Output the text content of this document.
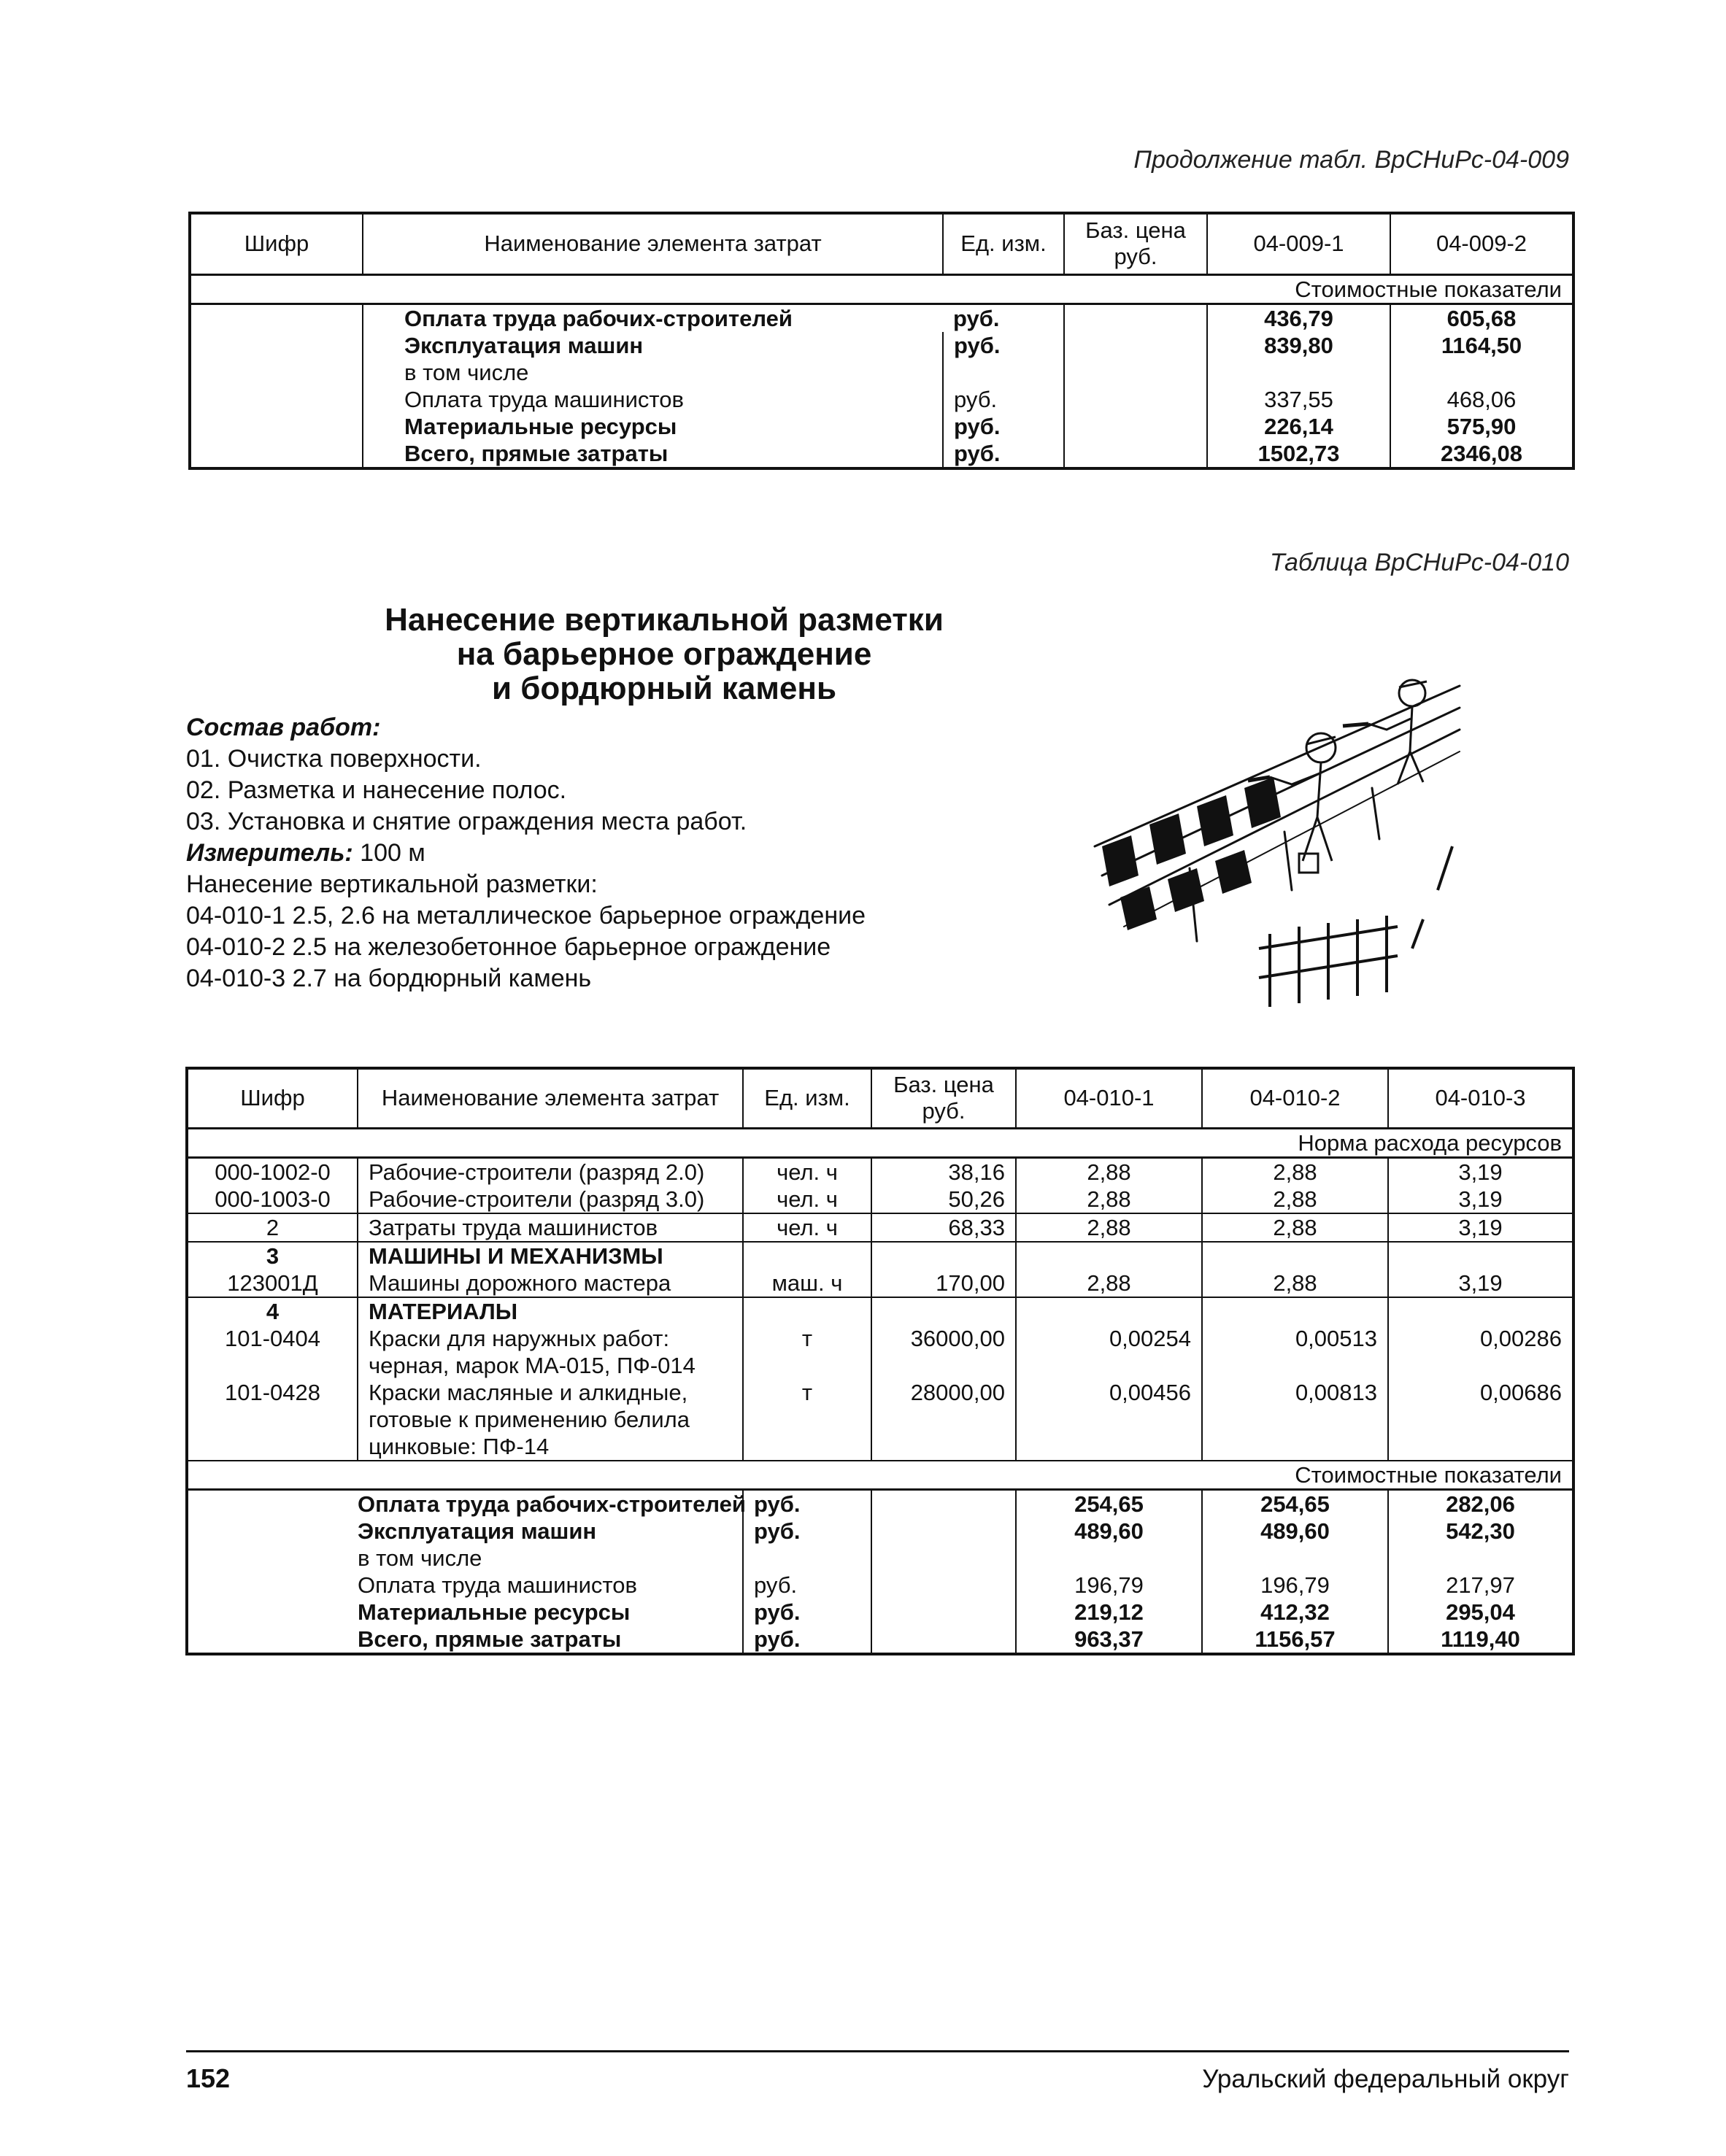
Продолжение табл. ВрСНиРс-04-009
Шифр	Наименование элемента затрат	Ед. изм.	Баз. цена руб.	04-009-1	04-009-2
Стоимостные показатели					
	Оплата труда рабочих-строителей	руб.		436,79	605,68
	Эксплуатация машин	руб.		839,80	1164,50
	в том числе				
	Оплата труда машинистов	руб.		337,55	468,06
	Материальные ресурсы	руб.		226,14	575,90
	Всего, прямые затраты	руб.		1502,73	2346,08
Таблица ВрСНиРс-04-010
Нанесение вертикальной разметки
на барьерное ограждение
и бордюрный камень
Состав работ:
01. Очистка поверхности.
02. Разметка и нанесение полос.
03. Установка и снятие ограждения места работ.
Измеритель: 100 м
Нанесение вертикальной разметки:
04-010-1 2.5, 2.6 на металлическое барьерное ограждение
04-010-2 2.5 на железобетонное барьерное ограждение
04-010-3 2.7 на бордюрный камень
Шифр	Наименование элемента затрат	Ед. изм.	Баз. цена руб.	04-010-1	04-010-2	04-010-3
Норма расхода ресурсов						
000-1002-0	Рабочие-строители (разряд 2.0)	чел. ч	38,16	2,88	2,88	3,19
000-1003-0	Рабочие-строители (разряд 3.0)	чел. ч	50,26	2,88	2,88	3,19
2	Затраты труда машинистов	чел. ч	68,33	2,88	2,88	3,19
3	МАШИНЫ И МЕХАНИЗМЫ					
123001Д	Машины дорожного мастера	маш. ч	170,00	2,88	2,88	3,19
4	МАТЕРИАЛЫ					
101-0404	Краски для наружных работ: черная, марок МА-015, ПФ-014	т	36000,00	0,00254	0,00513	0,00286
101-0428	Краски масляные и алкидные, готовые к применению белила цинковые: ПФ-14	т	28000,00	0,00456	0,00813	0,00686
Стоимостные показатели						
	Оплата труда рабочих-строителей	руб.		254,65	254,65	282,06
	Эксплуатация машин	руб.		489,60	489,60	542,30
	в том числе					
	Оплата труда машинистов	руб.		196,79	196,79	217,97
	Материальные ресурсы	руб.		219,12	412,32	295,04
	Всего, прямые затраты	руб.		963,37	1156,57	1119,40
152	Уральский федеральный округ
